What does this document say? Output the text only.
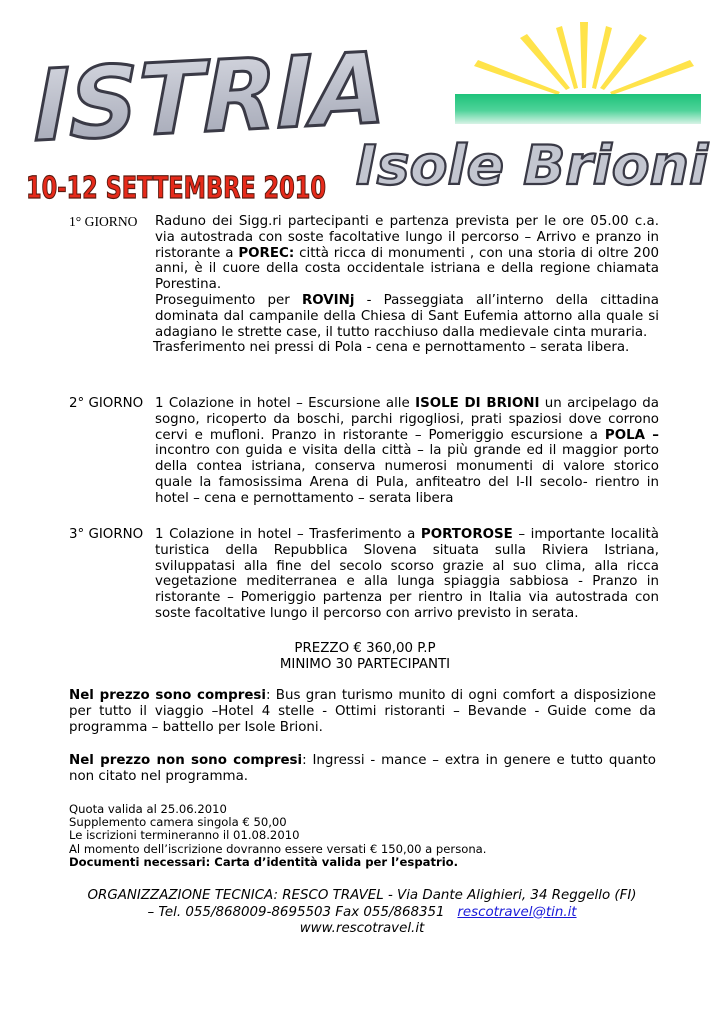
ISTRIA
Isole Brioni
10-12 SETTEMBRE 2010
1° GIORNO Raduno dei Sigg.ri partecipanti e partenza prevista per le ore 05.00 c.a. via autostrada con soste facoltative lungo il percorso – Arrivo e pranzo in ristorante a POREC: città ricca di monumenti , con una storia di oltre 200 anni, è il cuore della costa occidentale istriana e della regione chiamata Porestina.

Proseguimento per ROVINj - Passeggiata all’interno della cittadina dominata dal campanile della Chiesa di Sant Eufemia attorno alla quale si adagiano le strette case, il tutto racchiuso dalla medievale cinta muraria.

Trasferimento nei pressi di Pola - cena e pernottamento – serata libera.

2° GIORNO 1 Colazione in hotel – Escursione alle ISOLE DI BRIONI un arcipelago da sogno, ricoperto da boschi, parchi rigogliosi, prati spaziosi dove corrono cervi e mufloni. Pranzo in ristorante – Pomeriggio escursione a POLA – incontro con guida e visita della città – la più grande ed il maggior porto della contea istriana, conserva numerosi monumenti di valore storico quale la famosissima Arena di Pula, anfiteatro del I-II secolo- rientro in hotel – cena e pernottamento – serata libera

3° GIORNO 1 Colazione in hotel – Trasferimento a PORTOROSE – importante località turistica della Repubblica Slovena situata sulla Riviera Istriana, sviluppatasi alla fine del secolo scorso grazie al suo clima, alla ricca vegetazione mediterranea e alla lunga spiaggia sabbiosa - Pranzo in ristorante – Pomeriggio partenza per rientro in Italia via autostrada con soste facoltative lungo il percorso con arrivo previsto in serata.

PREZZO € 360,00 P.P
MINIMO 30 PARTECIPANTI
Nel prezzo sono compresi: Bus gran turismo munito di ogni comfort a disposizione per tutto il viaggio –Hotel 4 stelle - Ottimi ristoranti – Bevande - Guide come da programma – battello per Isole Brioni.
Nel prezzo non sono compresi: Ingressi - mance – extra in genere e tutto quanto non citato nel programma.
Quota valida al 25.06.2010
Supplemento camera singola € 50,00
Le iscrizioni termineranno il 01.08.2010
Al momento dell’iscrizione dovranno essere versati € 150,00 a persona.
Documenti necessari: Carta d’identità valida per l’espatrio.
ORGANIZZAZIONE TECNICA: RESCO TRAVEL - Via Dante Alighieri, 34 Reggello (FI)
– Tel. 055/868009-8695503 Fax 055/868351 rescotravel@tin.it
www.rescotravel.it
